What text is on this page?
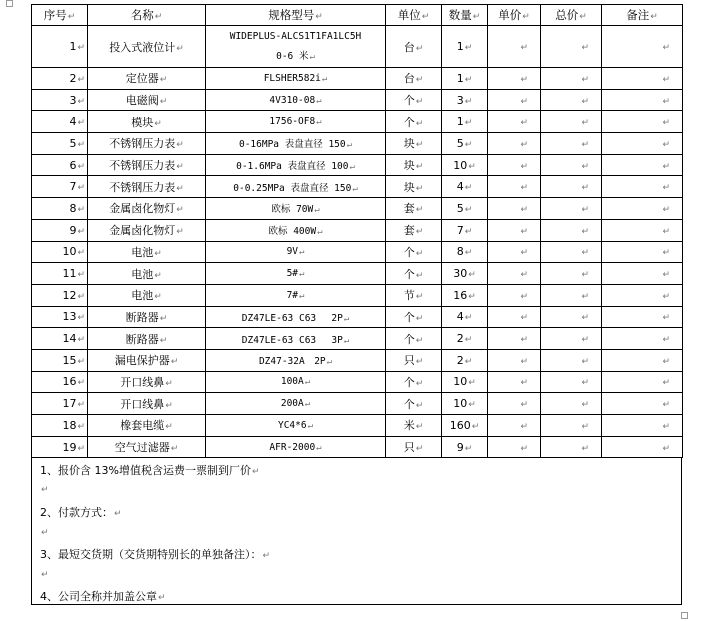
序号↵	名称↵	规格型号↵	单位↵	数量↵	单价↵	总价↵	备注↵
1↵	投入式液位计↵	WIDEPLUS-ALCS1T1FA1LC5H
0-6 米↵	台↵	1↵	↵	↵	↵
2↵	定位器↵	FLSHER582i↵	台↵	1↵	↵	↵	↵
3↵	电磁阀↵	4V310-08↵	个↵	3↵	↵	↵	↵
4↵	模块↵	1756-OF8↵	个↵	1↵	↵	↵	↵
5↵	不锈钢压力表↵	0-16MPa 表盘直径 150↵	块↵	5↵	↵	↵	↵
6↵	不锈钢压力表↵	0-1.6MPa 表盘直径 100↵	块↵	10↵	↵	↵	↵
7↵	不锈钢压力表↵	0-0.25MPa 表盘直径 150↵	块↵	4↵	↵	↵	↵
8↵	金属卤化物灯↵	欧标 70W↵	套↵	5↵	↵	↵	↵
9↵	金属卤化物灯↵	欧标 400W↵	套↵	7↵	↵	↵	↵
10↵	电池↵	9V↵	个↵	8↵	↵	↵	↵
11↵	电池↵	5#↵	个↵	30↵	↵	↵	↵
12↵	电池↵	7#↵	节↵	16↵	↵	↵	↵
13↵	断路器↵	DZ47LE-63 C63　 2P↵	个↵	4↵	↵	↵	↵
14↵	断路器↵	DZ47LE-63 C63　 3P↵	个↵	2↵	↵	↵	↵
15↵	漏电保护器↵	DZ47-32A　2P↵	只↵	2↵	↵	↵	↵
16↵	开口线鼻↵	100A↵	个↵	10↵	↵	↵	↵
17↵	开口线鼻↵	200A↵	个↵	10↵	↵	↵	↵
18↵	橡套电缆↵	YC4*6↵	米↵	160↵	↵	↵	↵
19↵	空气过滤器↵	AFR-2000↵	只↵	9↵	↵	↵	↵
1、报价含 13%增值税含运费一票制到厂价↵
↵
2、付款方式：↵
↵
3、最短交货期（交货期特别长的单独备注）：↵
↵
4、公司全称并加盖公章↵
